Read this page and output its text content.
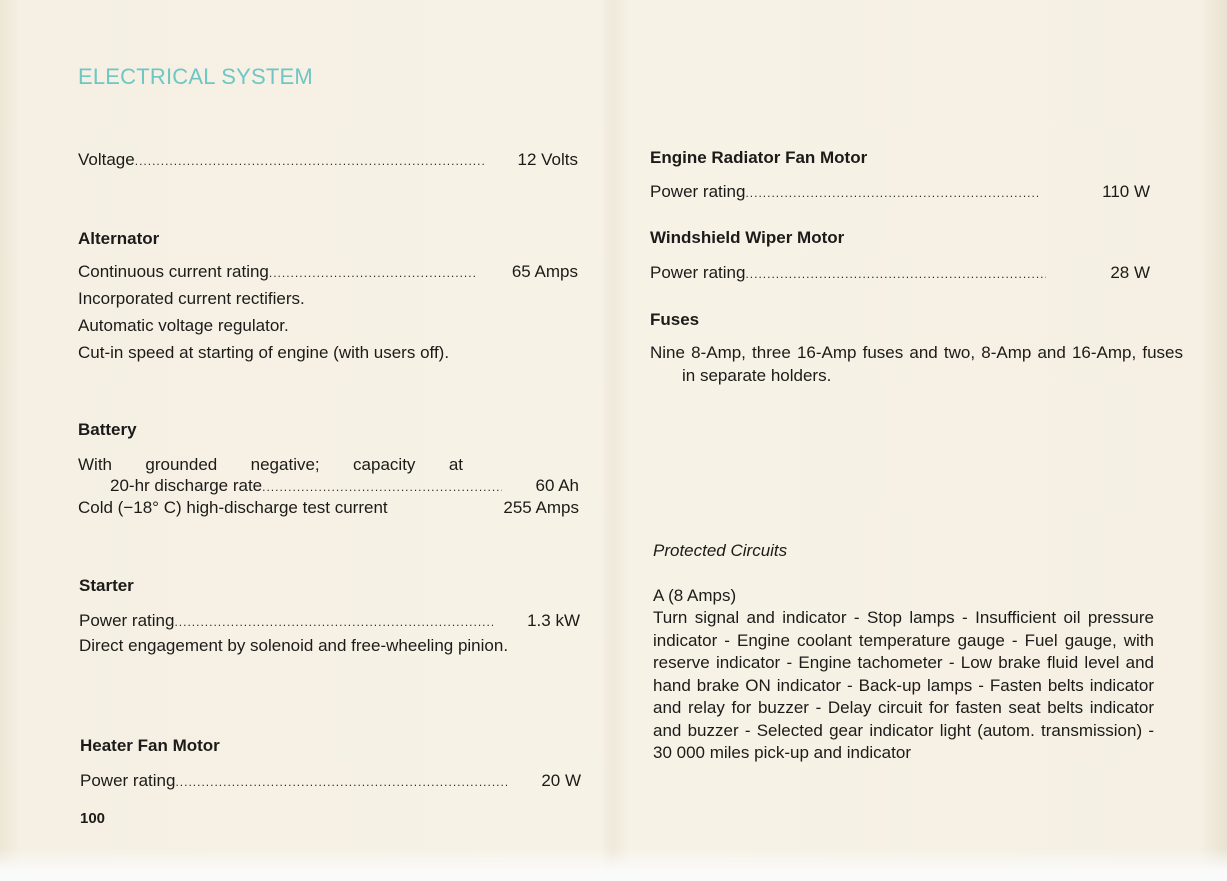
ELECTRICAL SYSTEM
Voltage .....	12 Volts
Alternator
Continuous current rating .....	65 Amps
Incorporated current rectifiers.
Automatic voltage regulator.
Cut-in speed at starting of engine (with users off).
Battery
With grounded negative; capacity at
20-hr discharge rate .....	60 Ah
Cold (−18° C) high-discharge test current	255 Amps
Starter
Power rating .....	1.3 kW
Direct engagement by solenoid and free-wheeling pinion.
Heater Fan Motor
Power rating .....	20 W
100
Engine Radiator Fan Motor
Power rating .....	110 W
Windshield Wiper Motor
Power rating .....	28 W
Fuses
Nine 8-Amp, three 16-Amp fuses and two, 8-Amp and 16-Amp, fuses in separate holders.
Protected Circuits
A (8 Amps)
Turn signal and indicator - Stop lamps - Insufficient oil pressure indicator - Engine coolant temperature gauge - Fuel gauge, with reserve indicator - Engine tachometer - Low brake fluid level and hand brake ON indicator - Back-up lamps - Fasten belts indicator and relay for buzzer - Delay circuit for fasten seat belts indicator and buzzer - Selected gear indicator light (autom. transmission) - 30 000 miles pick-up and indicator
